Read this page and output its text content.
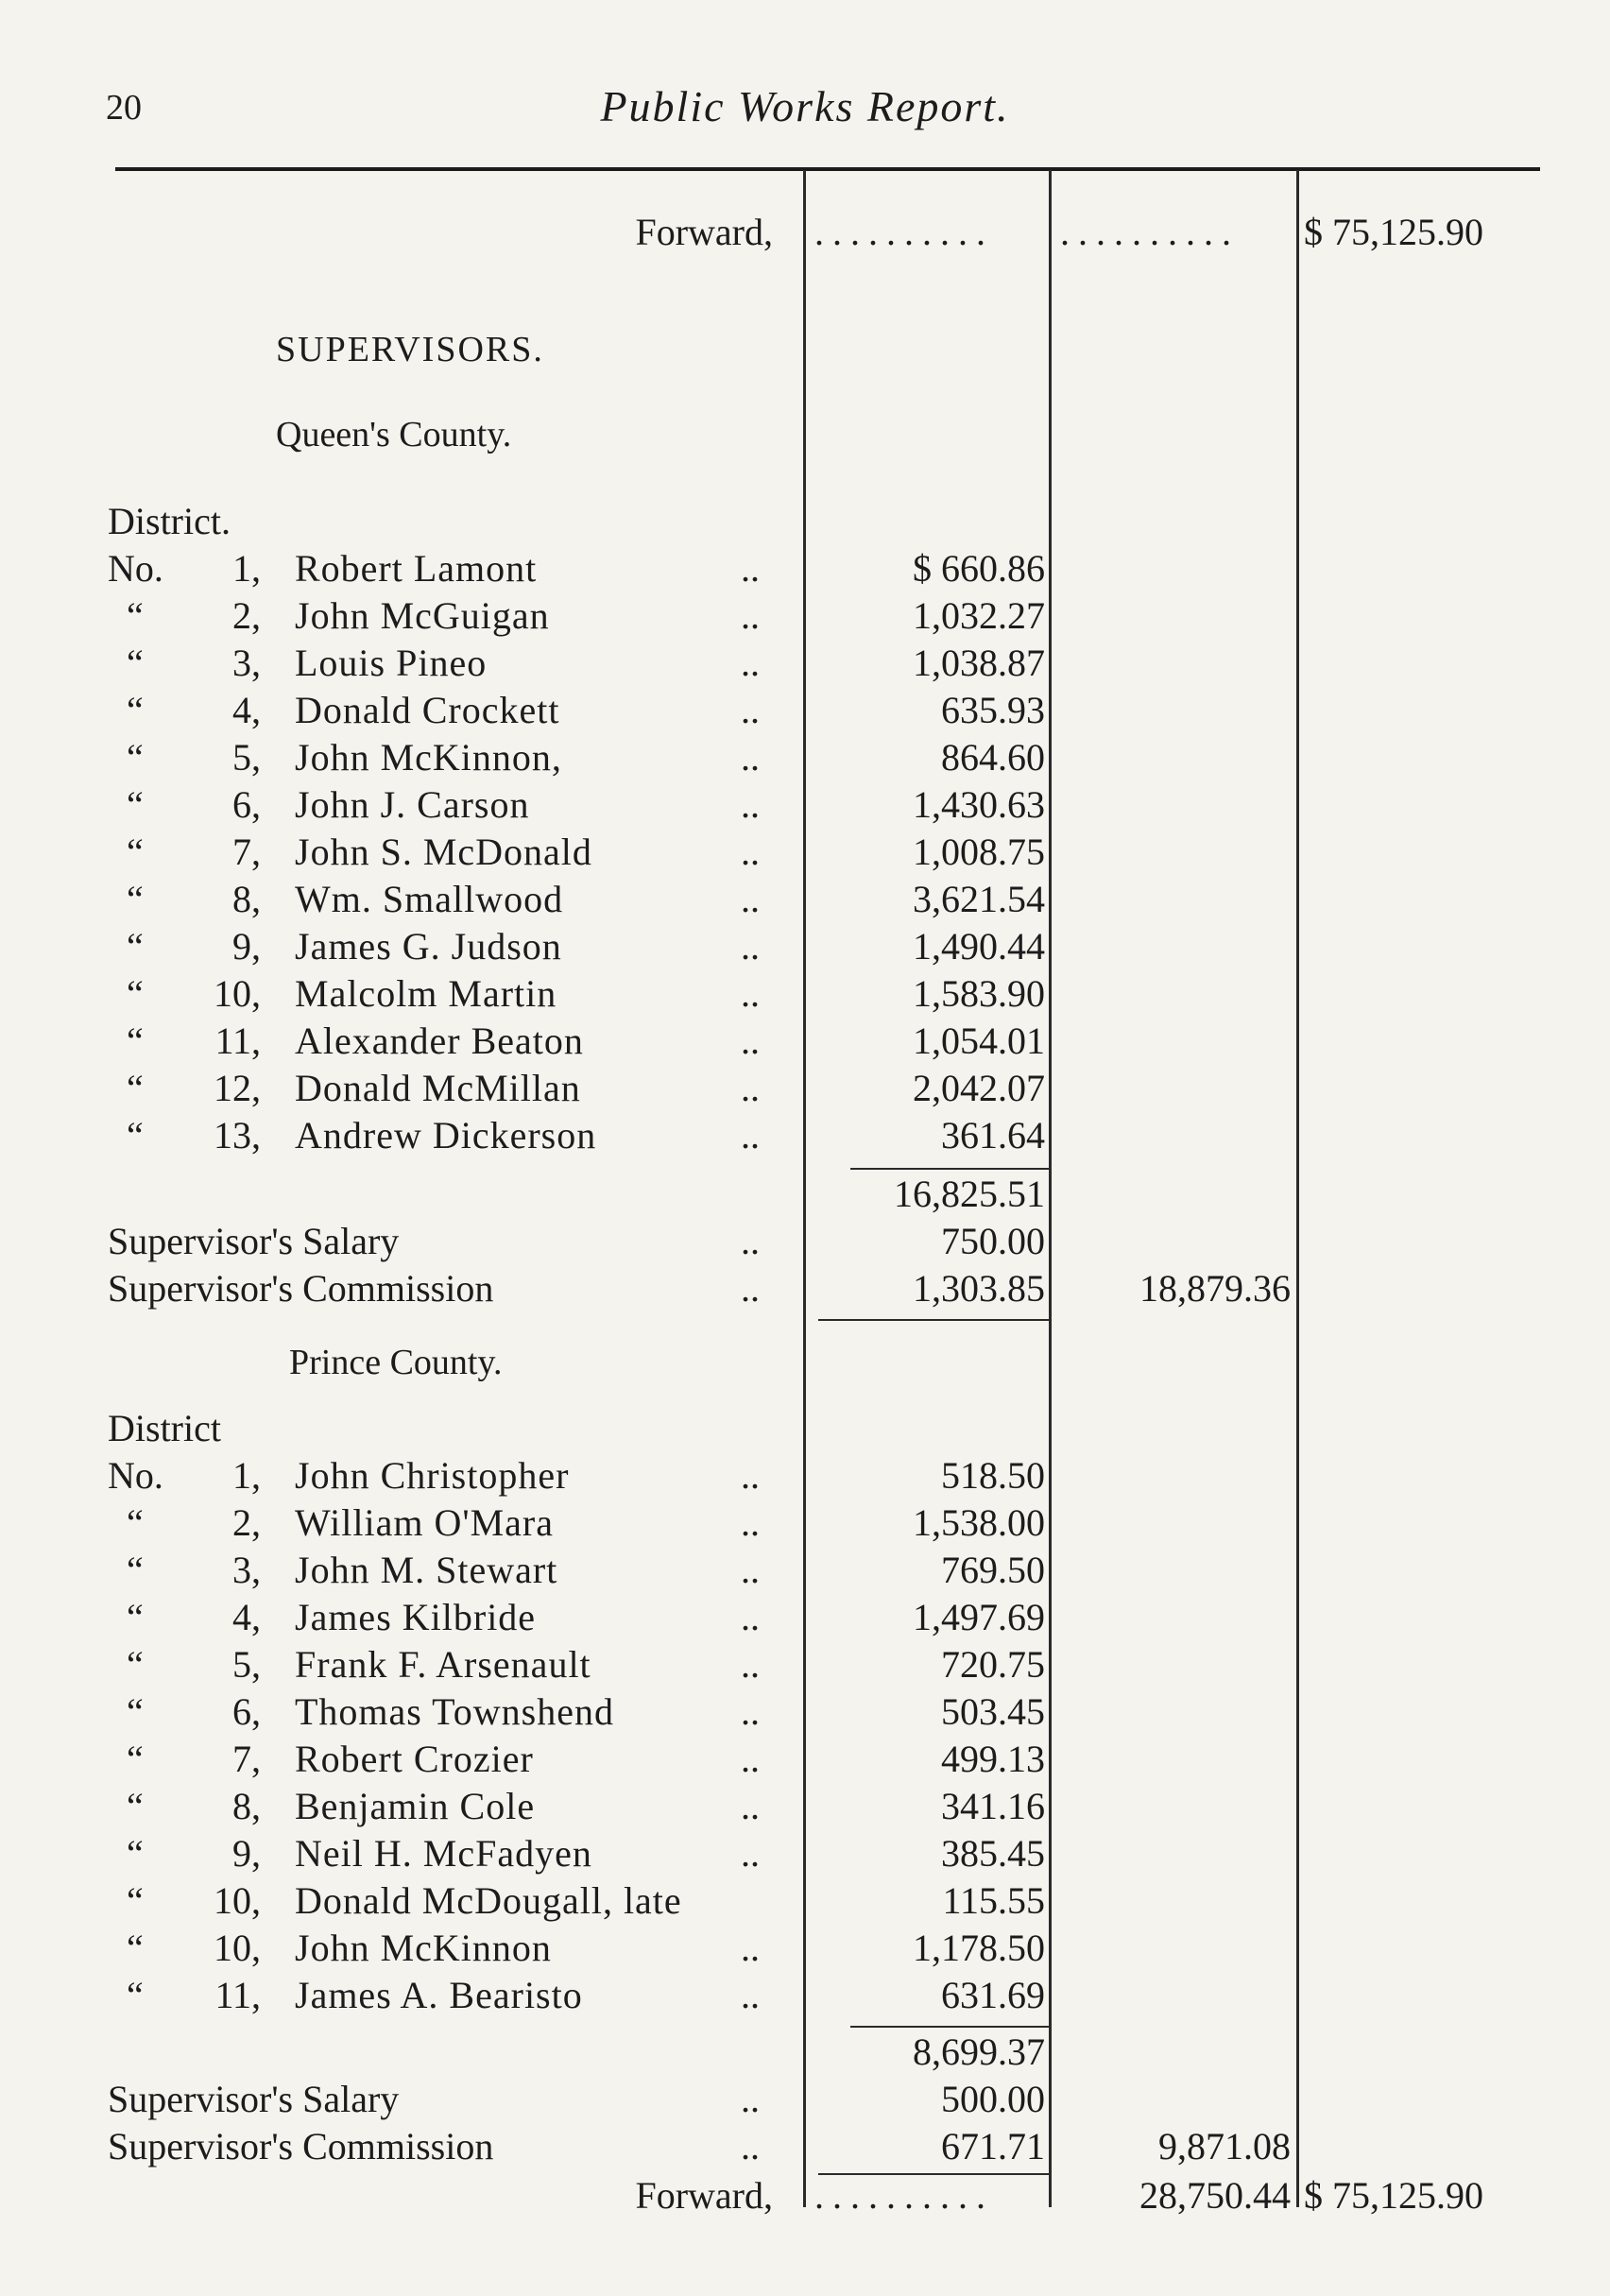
20	Public Works Report.
Forward, ..........	..........	$ 75,125.90
SUPERVISORS.
Queen's County.
District.
No. 1, Robert Lamont	..	$ 660.86
“ 2, John McGuigan	..	1,032.27
“ 3, Louis Pineo	..	1,038.87
“ 4, Donald Crockett	..	635.93
“ 5, John McKinnon,	..	864.60
“ 6, John J. Carson	..	1,430.63
“ 7, John S. McDonald	..	1,008.75
“ 8, Wm. Smallwood	..	3,621.54
“ 9, James G. Judson	..	1,490.44
“ 10, Malcolm Martin	..	1,583.90
“ 11, Alexander Beaton	..	1,054.01
“ 12, Donald McMillan	..	2,042.07
“ 13, Andrew Dickerson	..	361.64
16,825.51
Supervisor's Salary	..	750.00
Supervisor's Commission	..	1,303.85	18,879.36
Prince County.
District
No. 1, John Christopher	..	518.50
“ 2, William O'Mara	..	1,538.00
“ 3, John M. Stewart	..	769.50
“ 4, James Kilbride	..	1,497.69
“ 5, Frank F. Arsenault	..	720.75
“ 6, Thomas Townshend	..	503.45
“ 7, Robert Crozier	..	499.13
“ 8, Benjamin Cole	..	341.16
“ 9, Neil H. McFadyen	..	385.45
“ 10, Donald McDougall, late	115.55
“ 10, John McKinnon	..	1,178.50
“ 11, James A. Bearisto	..	631.69
8,699.37
Supervisor's Salary	..	500.00
Supervisor's Commission	..	671.71	9,871.08
Forward, ..........	28,750.44 $ 75,125.90
